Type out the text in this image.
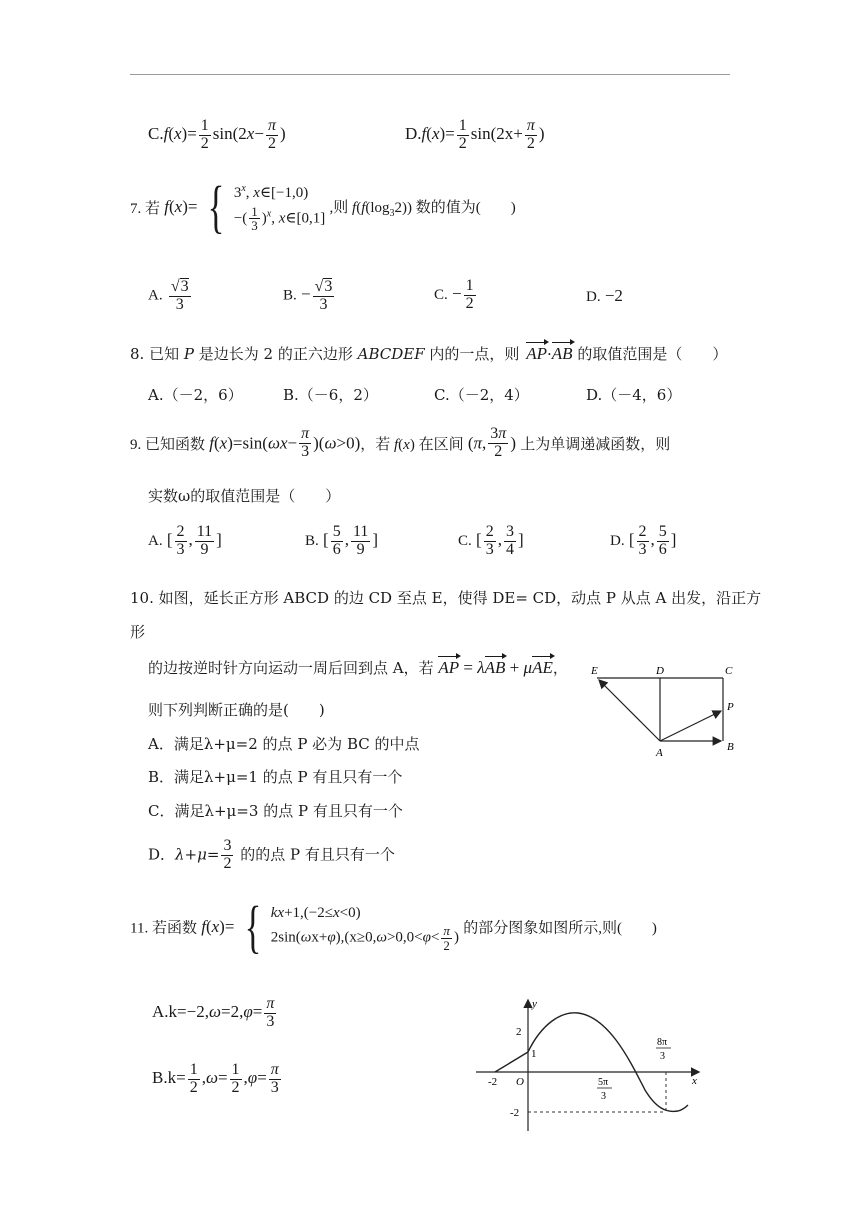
$C.f(x)= \frac{1}{2} \sin(2x- \frac{\pi}{2}$ )	$D.f(x)= \frac{1}{2} \sin(2x+ \frac{\pi}{2}$ )
7. 若 f(x)= { 3$^x$, x∈[−1,0)
−( $\frac{1}{3} )^x$, x∈[0,1]
,则 $f(f(\log_32))$ 数的值为(　　)
A. $\frac{√3}{3}$	B. − $\frac{√3}{3}$	C. − $\frac{1}{2}$	D. −2
8. 已知 P 是边长为 2 的正六边形 ABCDEF 内的一点，则 AP·AB 的取值范围是（　　）
A.（－2，6）	B.（－6，2）	C.（－2，4）	D.（－4，6）
9. 已知函数 $f(x)=\sin(\omega x- \frac{\pi}{3} )(\omega>0)$，若 f(x) 在区间 (π, $\frac{3\pi}{2}$ ) 上为单调递减函数，则
实数ω的取值范围是（　　）
A. [ $\frac{2}{3}$ , $\frac{11}{9}$ ]	B. [ $\frac{5}{6}$ , $\frac{11}{9}$ ]	C. [ $\frac{2}{3}$ , $\frac{3}{4}$ ]	D. [ $\frac{2}{3}$ , $\frac{5}{6}$ ]
10. 如图，延长正方形 ABCD 的边 CD 至点 E，使得 DE= CD，动点 P 从点 A 出发，沿正方
形
的边按逆时针方向运动一周后回到点 A，若 AP = λAB + μAE，
则下列判断正确的是(　　)
A．满足λ+μ=2 的点 P 必为 BC 的中点
B．满足λ+μ=1 的点 P 有且只有一个
C．满足λ+μ=3 的点 P 有且只有一个
D．$\lambda+\mu= \frac{3}{2}$ 的的点 P 有且只有一个
E	D	C
P
A	B
11. 若函数 f(x)= { kx+1,(−2≤x<0)
$2\sin(\omega x+\varphi),(x\ge 0,\omega>0,0<\varphi< \frac{\pi}{2}$ )
的部分图象如图所示,则(　　)
$A.k=-2,\omega=2,\varphi= \frac{\pi}{3}$
$B.k= \frac{1}{2} ,\omega= \frac{1}{2} ,\varphi= \frac{\pi}{3}$
y
x
O
2
1
-2
-2	5π
3
8π
3
